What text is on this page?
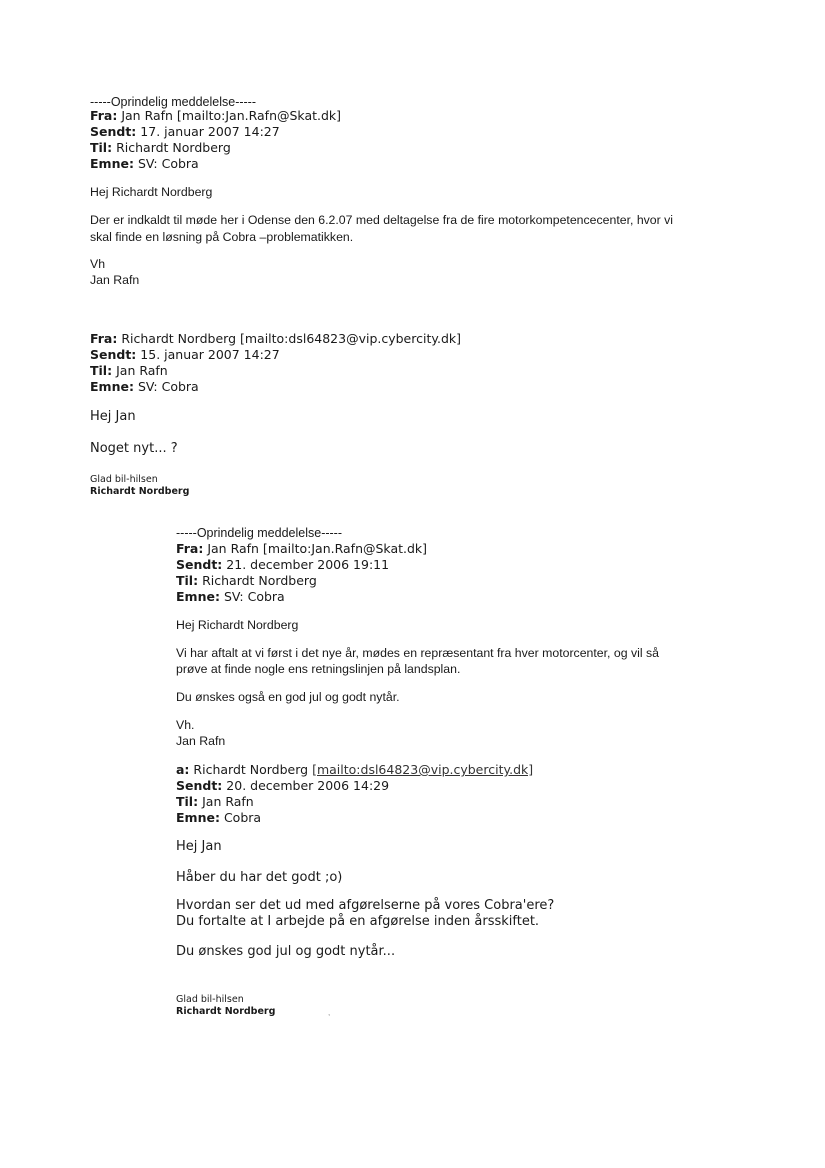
-----Oprindelig meddelelse-----
Fra: Jan Rafn [mailto:Jan.Rafn@Skat.dk]
Sendt: 17. januar 2007 14:27
Til: Richardt Nordberg
Emne: SV: Cobra
Hej Richardt Nordberg
Der er indkaldt til møde her i Odense den 6.2.07 med deltagelse fra de fire motorkompetencecenter, hvor vi
skal finde en løsning på Cobra –problematikken.
Vh
Jan Rafn
Fra: Richardt Nordberg [mailto:dsl64823@vip.cybercity.dk]
Sendt: 15. januar 2007 14:27
Til: Jan Rafn
Emne: SV: Cobra
Hej Jan
Noget nyt... ?
Glad bil-hilsen
Richardt Nordberg
-----Oprindelig meddelelse-----
Fra: Jan Rafn [mailto:Jan.Rafn@Skat.dk]
Sendt: 21. december 2006 19:11
Til: Richardt Nordberg
Emne: SV: Cobra
Hej Richardt Nordberg
Vi har aftalt at vi først i det nye år, mødes en repræsentant fra hver motorcenter, og vil så
prøve at finde nogle ens retningslinjen på landsplan.
Du ønskes også en god jul og godt nytår.
Vh.
Jan Rafn
a: Richardt Nordberg [mailto:dsl64823@vip.cybercity.dk]
Sendt: 20. december 2006 14:29
Til: Jan Rafn
Emne: Cobra
Hej Jan
Håber du har det godt ;o)
Hvordan ser det ud med afgørelserne på vores Cobra'ere?
Du fortalte at I arbejde på en afgørelse inden årsskiftet.
Du ønskes god jul og godt nytår...
Glad bil-hilsen
Richardt Nordberg	,
